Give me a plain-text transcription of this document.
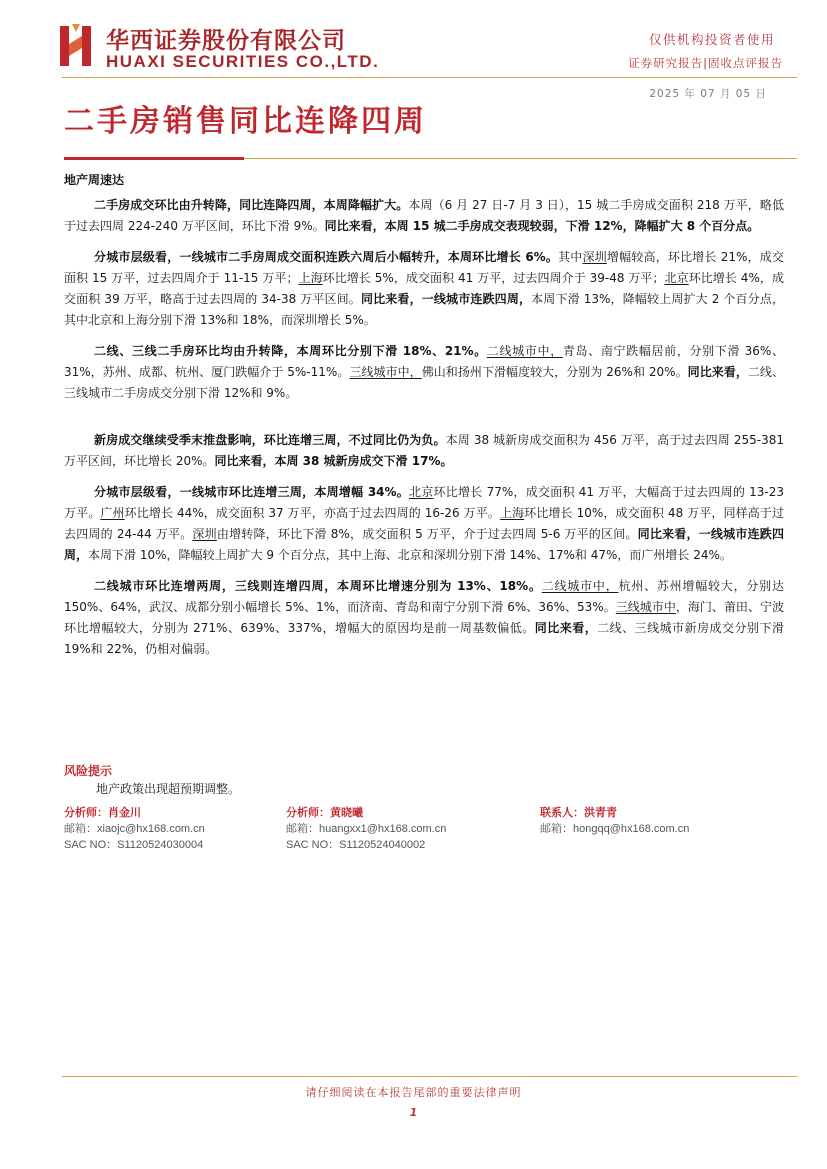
华西证券股份有限公司
HUAXI SECURITIES CO.,LTD.
仅供机构投资者使用
证券研究报告|固收点评报告
2025 年 07 月 05 日
二手房销售同比连降四周
地产周速达

二手房成交环比由升转降，同比连降四周，本周降幅扩大。本周（6 月 27 日-7 月 3 日），15 城二手房成交面积 218 万平，略低于过去四周 224-240 万平区间，环比下滑 9%。同比来看，本周 15 城二手房成交表现较弱，下滑 12%，降幅扩大 8 个百分点。

分城市层级看，一线城市二手房周成交面积连跌六周后小幅转升，本周环比增长 6%。其中深圳增幅较高，环比增长 21%，成交面积 15 万平，过去四周介于 11-15 万平；上海环比增长 5%，成交面积 41 万平，过去四周介于 39-48 万平；北京环比增长 4%，成交面积 39 万平，略高于过去四周的 34-38 万平区间。同比来看，一线城市连跌四周，本周下滑 13%，降幅较上周扩大 2 个百分点，其中北京和上海分别下滑 13%和 18%，而深圳增长 5%。

二线、三线二手房环比均由升转降，本周环比分别下滑 18%、21%。二线城市中，青岛、南宁跌幅居前，分别下滑 36%、31%，苏州、成都、杭州、厦门跌幅介于 5%-11%。三线城市中，佛山和扬州下滑幅度较大，分别为 26%和 20%。同比来看，二线、三线城市二手房成交分别下滑 12%和 9%。

新房成交继续受季末推盘影响，环比连增三周，不过同比仍为负。本周 38 城新房成交面积为 456 万平，高于过去四周 255-381 万平区间，环比增长 20%。同比来看，本周 38 城新房成交下滑 17%。

分城市层级看，一线城市环比连增三周，本周增幅 34%。北京环比增长 77%，成交面积 41 万平，大幅高于过去四周的 13-23 万平。广州环比增长 44%，成交面积 37 万平，亦高于过去四周的 16-26 万平。上海环比增长 10%，成交面积 48 万平，同样高于过去四周的 24-44 万平。深圳由增转降，环比下滑 8%，成交面积 5 万平，介于过去四周 5-6 万平的区间。同比来看，一线城市连跌四周，本周下滑 10%，降幅较上周扩大 9 个百分点，其中上海、北京和深圳分别下滑 14%、17%和 47%，而广州增长 24%。

二线城市环比连增两周，三线则连增四周，本周环比增速分别为 13%、18%。二线城市中，杭州、苏州增幅较大，分别达 150%、64%，武汉、成都分别小幅增长 5%、1%，而济南、青岛和南宁分别下滑 6%、36%、53%。三线城市中，海门、莆田、宁波环比增幅较大，分别为 271%、639%、337%，增幅大的原因均是前一周基数偏低。同比来看，二线、三线城市新房成交分别下滑 19%和 22%，仍相对偏弱。

风险提示
地产政策出现超预期调整。
分析师：肖金川
邮箱：xiaojc@hx168.com.cn
SAC NO：S1120524030004
分析师：黄晓曦
邮箱：huangxx1@hx168.com.cn
SAC NO：S1120524040002
联系人：洪青青
邮箱：hongqq@hx168.com.cn
请仔细阅读在本报告尾部的重要法律声明
1
